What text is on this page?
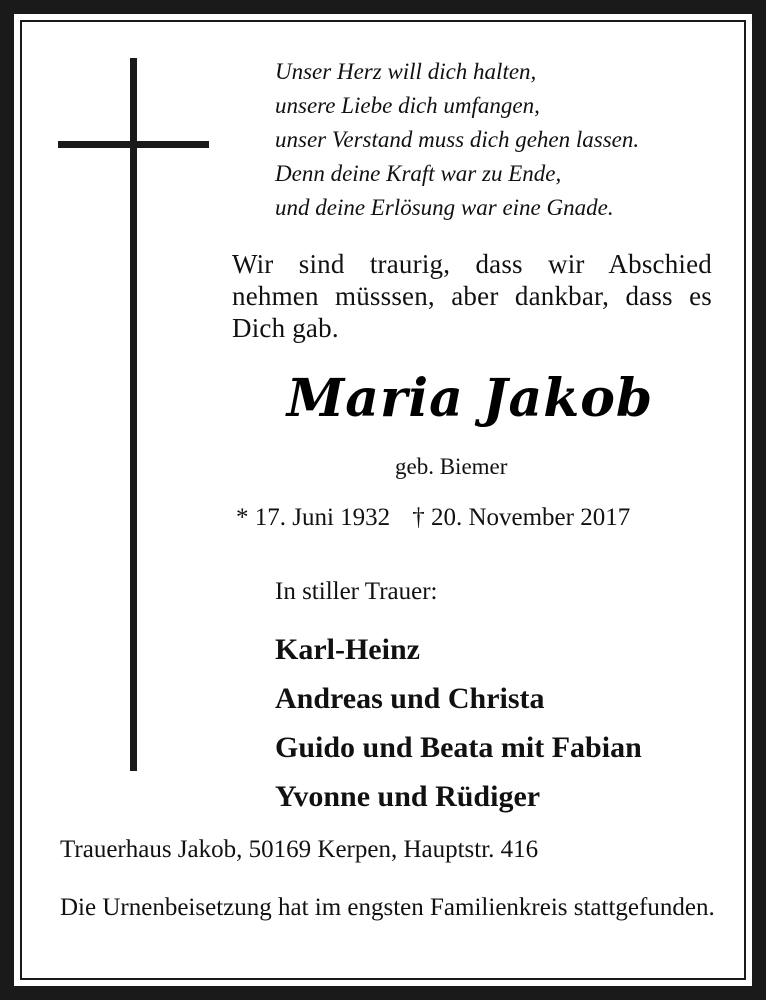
Unser Herz will dich halten,
unsere Liebe dich umfangen,
unser Verstand muss dich gehen lassen.
Denn deine Kraft war zu Ende,
und deine Erlösung war eine Gnade.
Wir sind traurig, dass wir Abschied nehmen müsssen, aber dankbar, dass es Dich gab.
Maria Jakob
geb. Biemer
* 17. Juni 1932 † 20. November 2017
In stiller Trauer:
Karl-Heinz
Andreas und Christa
Guido und Beata mit Fabian
Yvonne und Rüdiger
Trauerhaus Jakob, 50169 Kerpen, Hauptstr. 416
Die Urnenbeisetzung hat im engsten Familienkreis stattgefunden.
